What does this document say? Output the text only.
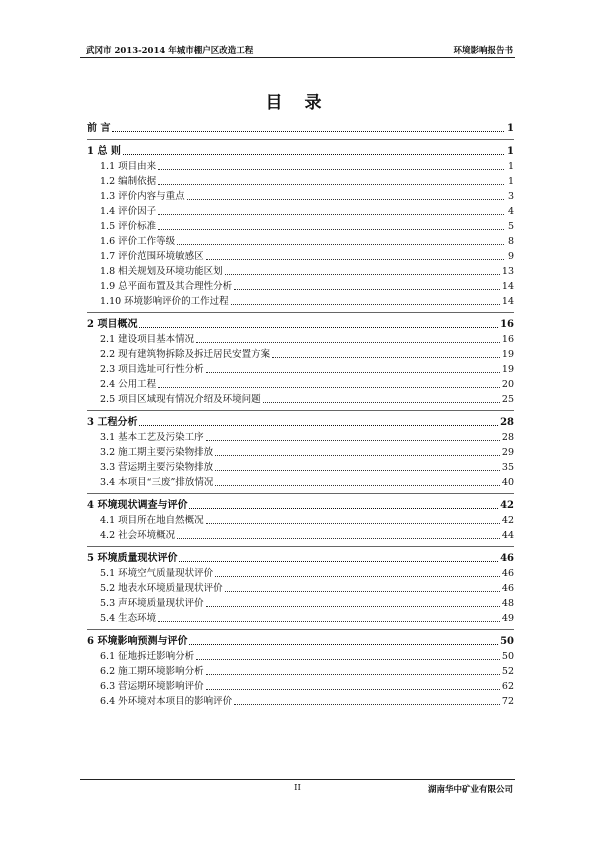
武冈市 2013-2014 年城市棚户区改造工程	环境影响报告书
目 录
前 言	1
1 总 则	1
1.1 项目由来	1
1.2 编制依据	1
1.3 评价内容与重点	3
1.4 评价因子	4
1.5 评价标准	5
1.6 评价工作等级	8
1.7 评价范围环境敏感区	9
1.8 相关规划及环境功能区划	13
1.9 总平面布置及其合理性分析	14
1.10 环境影响评价的工作过程	14
2 项目概况	16
2.1 建设项目基本情况	16
2.2 现有建筑物拆除及拆迁居民安置方案	19
2.3 项目选址可行性分析	19
2.4 公用工程	20
2.5 项目区域现有情况介绍及环境问题	25
3 工程分析	28
3.1 基本工艺及污染工序	28
3.2 施工期主要污染物排放	29
3.3 营运期主要污染物排放	35
3.4 本项目“三废”排放情况	40
4 环境现状调查与评价	42
4.1 项目所在地自然概况	42
4.2 社会环境概况	44
5 环境质量现状评价	46
5.1 环境空气质量现状评价	46
5.2 地表水环境质量现状评价	46
5.3 声环境质量现状评价	48
5.4 生态环境	49
6 环境影响预测与评价	50
6.1 征地拆迁影响分析	50
6.2 施工期环境影响分析	52
6.3 营运期环境影响评价	62
6.4 外环境对本项目的影响评价	72
II	湖南华中矿业有限公司
